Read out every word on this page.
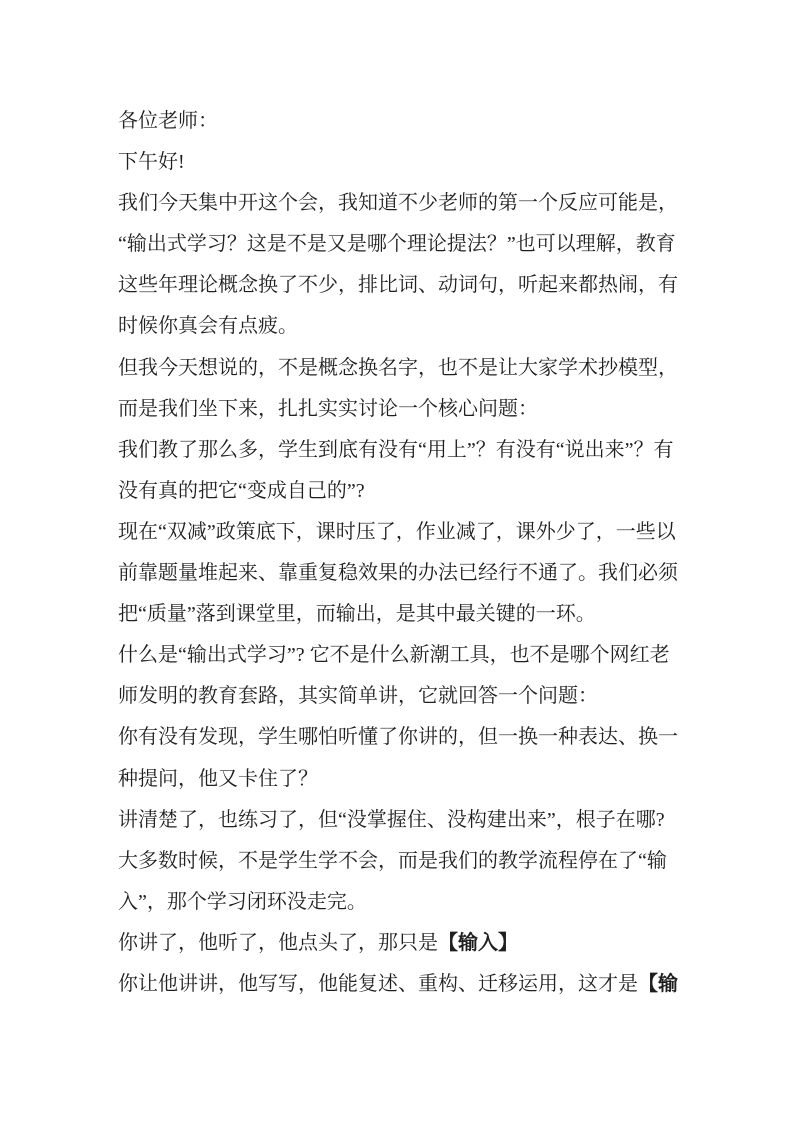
各位老师：
下午好!
我们今天集中开这个会，我知道不少老师的第一个反应可能是，
“输出式学习？这是不是又是哪个理论提法？”也可以理解，教育
这些年理论概念换了不少，排比词、动词句，听起来都热闹，有
时候你真会有点疲。
但我今天想说的，不是概念换名字，也不是让大家学术抄模型，
而是我们坐下来，扎扎实实讨论一个核心问题：
我们教了那么多，学生到底有没有“用上”？有没有“说出来”？有
没有真的把它“变成自己的”?
现在“双减”政策底下，课时压了，作业减了，课外少了，一些以
前靠题量堆起来、靠重复稳效果的办法已经行不通了。我们必须
把“质量”落到课堂里，而输出，是其中最关键的一环。
什么是“输出式学习”? 它不是什么新潮工具，也不是哪个网红老
师发明的教育套路，其实简单讲，它就回答一个问题：
你有没有发现，学生哪怕听懂了你讲的，但一换一种表达、换一
种提问，他又卡住了？
讲清楚了，也练习了，但“没掌握住、没构建出来”，根子在哪?
大多数时候，不是学生学不会，而是我们的教学流程停在了“输
入”，那个学习闭环没走完。
你讲了，他听了，他点头了，那只是【输入】
你让他讲讲，他写写，他能复述、重构、迁移运用，这才是【输
